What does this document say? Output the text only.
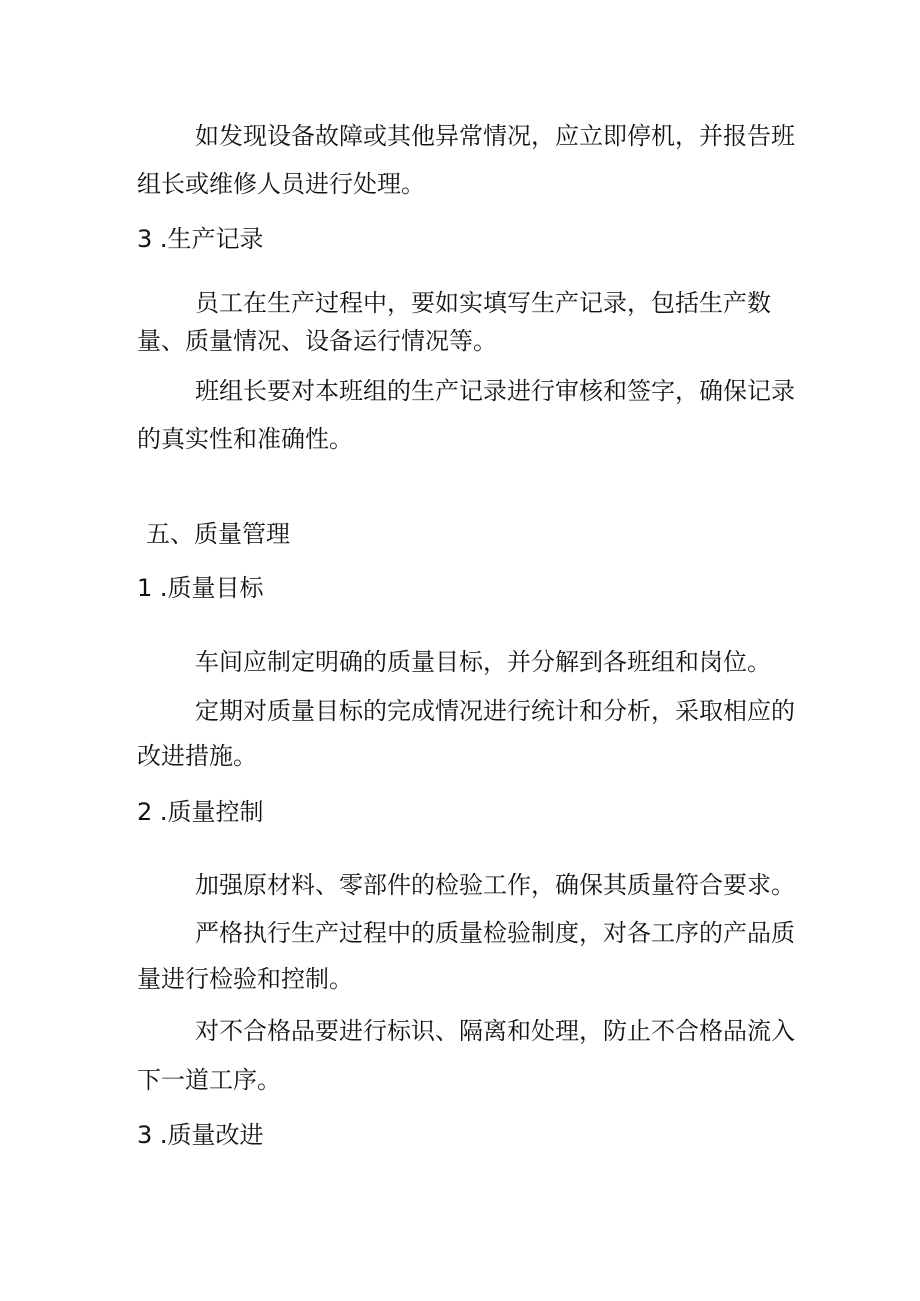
如发现设备故障或其他异常情况，应立即停机，并报告班
组长或维修人员进行处理。
3 .生产记录
员工在生产过程中，要如实填写生产记录，包括生产数
量、质量情况、设备运行情况等。
班组长要对本班组的生产记录进行审核和签字，确保记录
的真实性和准确性。
五、质量管理
1 .质量目标
车间应制定明确的质量目标，并分解到各班组和岗位。
定期对质量目标的完成情况进行统计和分析，采取相应的
改进措施。
2 .质量控制
加强原材料、零部件的检验工作，确保其质量符合要求。
严格执行生产过程中的质量检验制度，对各工序的产品质
量进行检验和控制。
对不合格品要进行标识、隔离和处理，防止不合格品流入
下一道工序。
3 .质量改进
